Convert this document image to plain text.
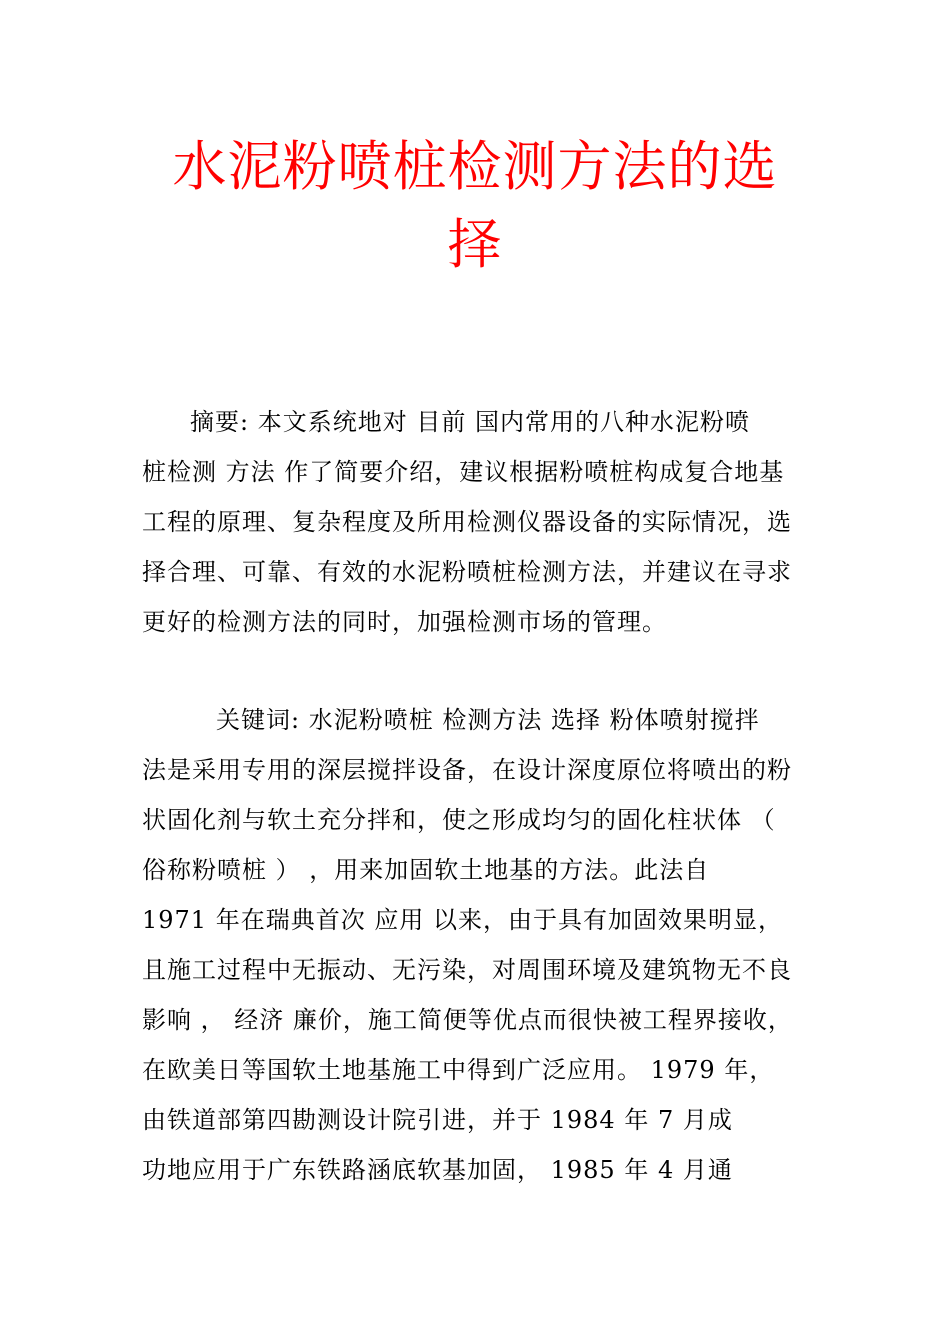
水泥粉喷桩检测方法的选
择
摘要: 本文系统地对 目前 国内常用的八种水泥粉喷
桩检测 方法 作了简要介绍，建议根据粉喷桩构成复合地基
工程的原理、复杂程度及所用检测仪器设备的实际情况，选
择合理、可靠、有效的水泥粉喷桩检测方法，并建议在寻求
更好的检测方法的同时，加强检测市场的管理。
关键词: 水泥粉喷桩 检测方法 选择 粉体喷射搅拌
法是采用专用的深层搅拌设备，在设计深度原位将喷出的粉
状固化剂与软土充分拌和，使之形成均匀的固化柱状体 （
俗称粉喷桩 ） ，用来加固软土地基的方法。此法自
1971 年在瑞典首次 应用 以来，由于具有加固效果明显，
且施工过程中无振动、无污染，对周围环境及建筑物无不良
影响 ， 经济 廉价，施工简便等优点而很快被工程界接收，
在欧美日等国软土地基施工中得到广泛应用。 1979 年，
由铁道部第四勘测设计院引进，并于 1984 年 7 月成
功地应用于广东铁路涵底软基加固， 1985 年 4 月通
